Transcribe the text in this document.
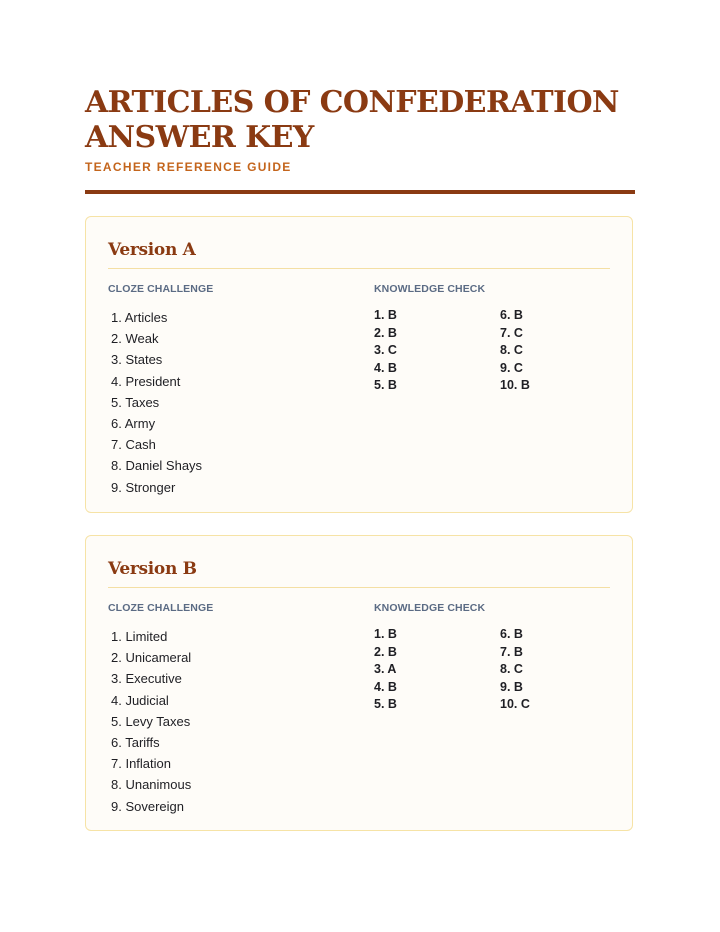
ARTICLES OF CONFEDERATION ANSWER KEY
TEACHER REFERENCE GUIDE
Version A
CLOZE CHALLENGE
1. Articles
2. Weak
3. States
4. President
5. Taxes
6. Army
7. Cash
8. Daniel Shays
9. Stronger
KNOWLEDGE CHECK
1. B
2. B
3. C
4. B
5. B
6. B
7. C
8. C
9. C
10. B
Version B
CLOZE CHALLENGE
1. Limited
2. Unicameral
3. Executive
4. Judicial
5. Levy Taxes
6. Tariffs
7. Inflation
8. Unanimous
9. Sovereign
KNOWLEDGE CHECK
1. B
2. B
3. A
4. B
5. B
6. B
7. B
8. C
9. B
10. C
